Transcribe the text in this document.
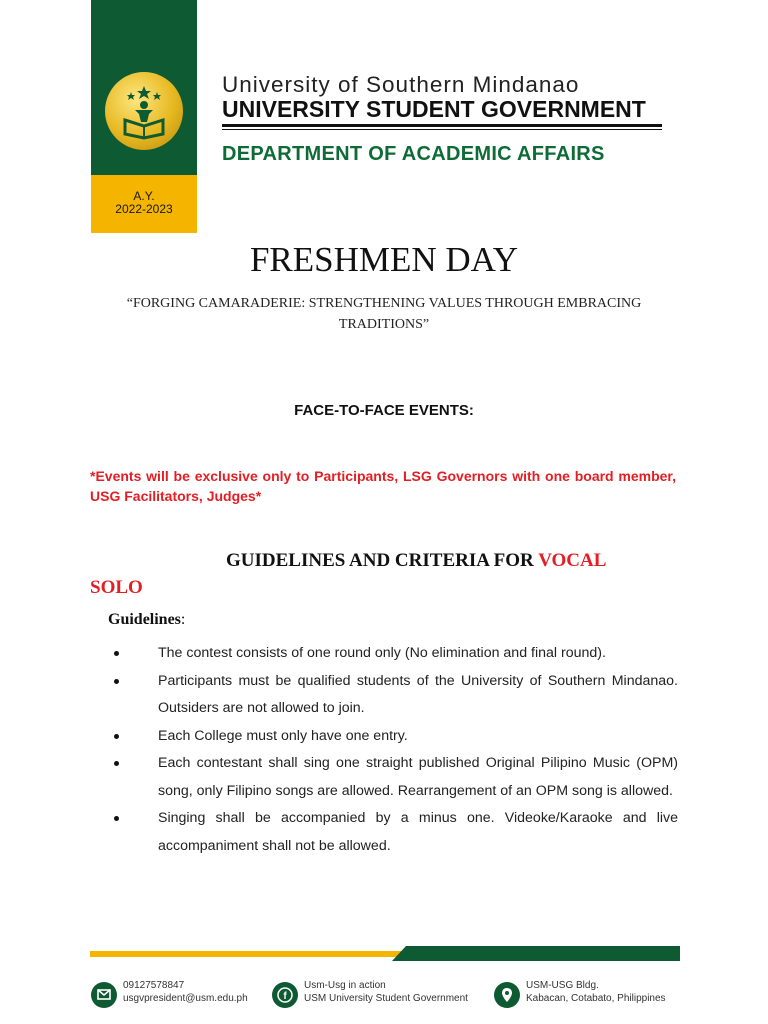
A.Y.
2022-2023
University of Southern Mindanao
UNIVERSITY STUDENT GOVERNMENT
DEPARTMENT OF ACADEMIC AFFAIRS
FRESHMEN DAY
“FORGING CAMARADERIE: STRENGTHENING VALUES THROUGH EMBRACING TRADITIONS”
FACE-TO-FACE EVENTS:
*Events will be exclusive only to Participants, LSG Governors with one board member, USG Facilitators, Judges*
GUIDELINES AND CRITERIA FOR VOCAL
SOLO
Guidelines:
The contest consists of one round only (No elimination and final round).
Participants must be qualified students of the University of Southern Mindanao. Outsiders are not allowed to join.
Each College must only have one entry.
Each contestant shall sing one straight published Original Pilipino Music (OPM) song, only Filipino songs are allowed. Rearrangement of an OPM song is allowed.
Singing shall be accompanied by a minus one. Videoke/Karaoke and live accompaniment shall not be allowed.
09127578847
usgvpresident@usm.edu.ph	f
Usm-Usg in action
USM University Student Government
USM-USG Bldg.
Kabacan, Cotabato, Philippines
